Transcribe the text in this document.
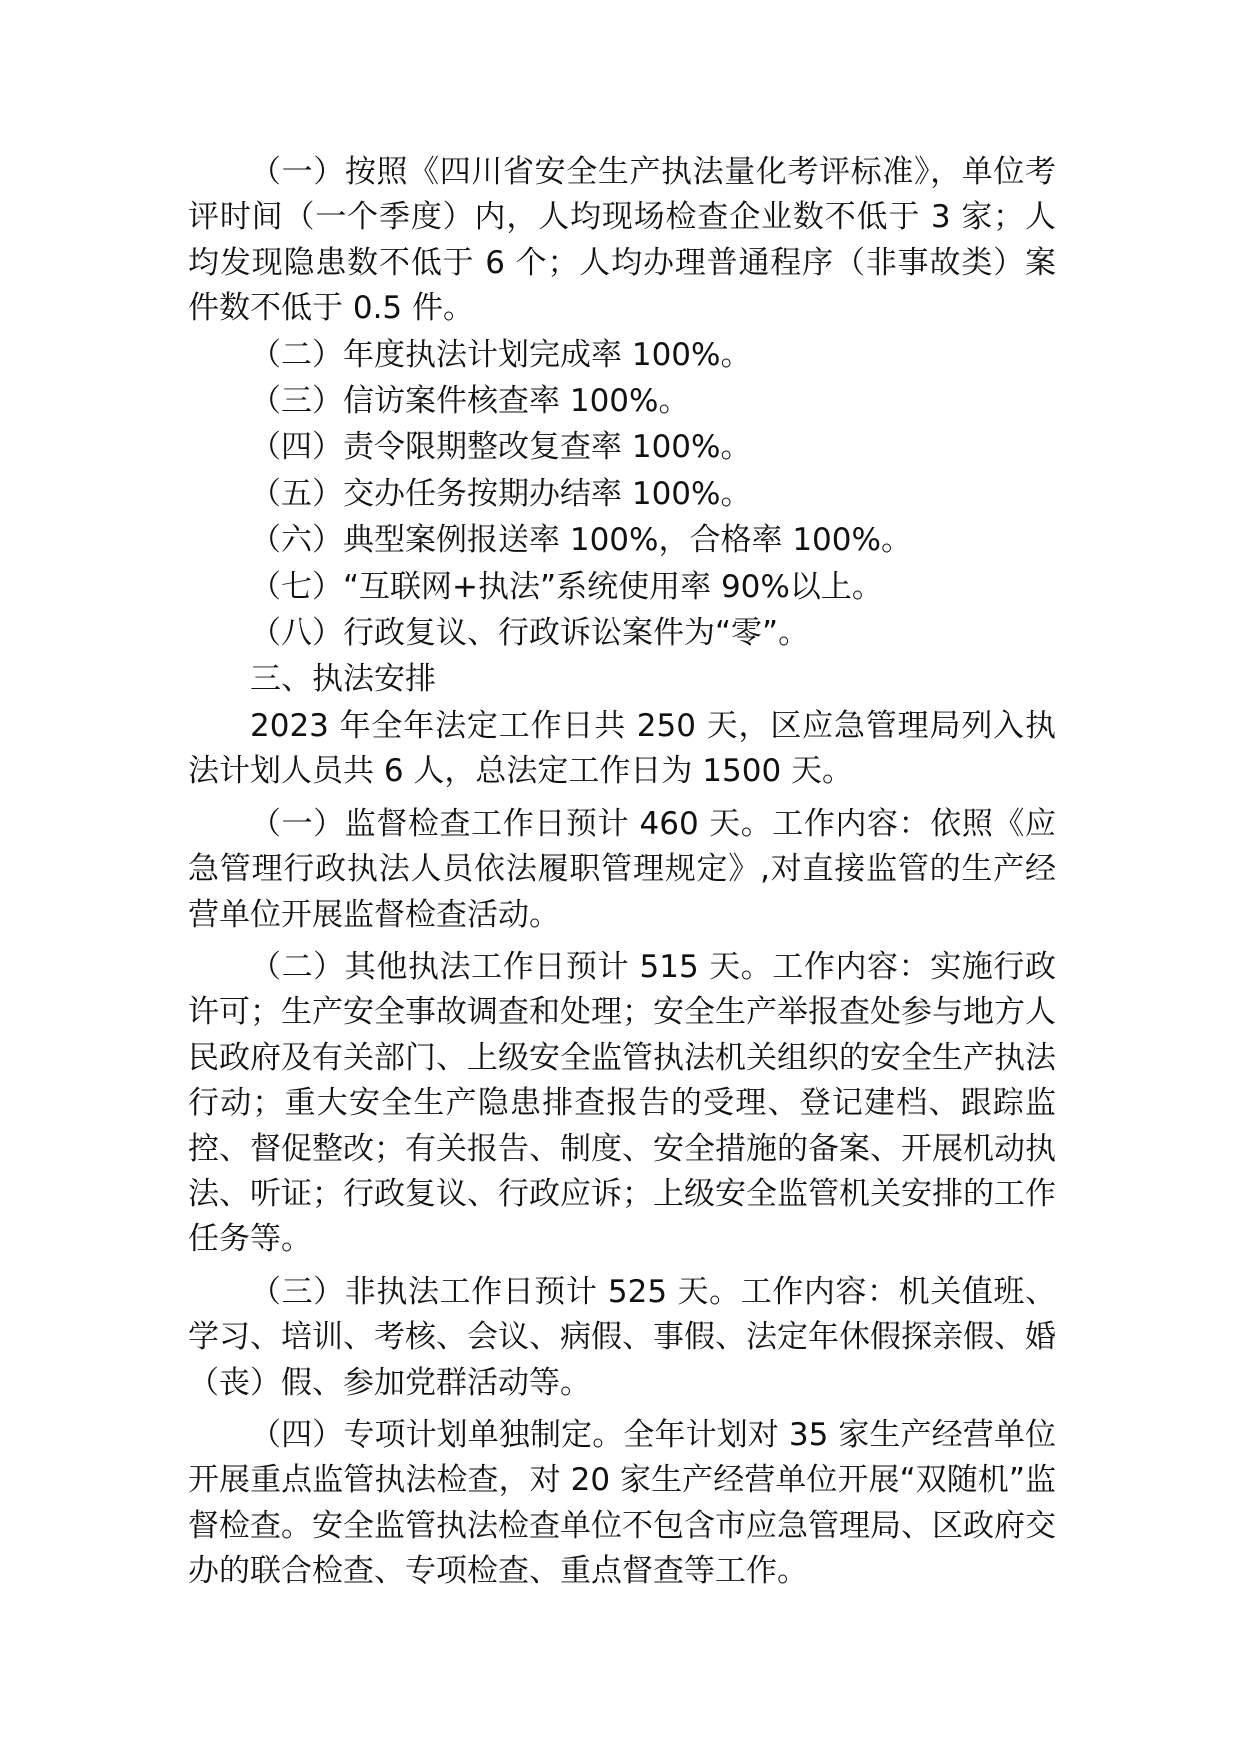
（一）按照《四川省安全生产执法量化考评标准》，单位考评时间（一个季度）内，人均现场检查企业数不低于 3 家；人均发现隐患数不低于 6 个；人均办理普通程序（非事故类）案件数不低于 0.5 件。

（二）年度执法计划完成率 100%。

（三）信访案件核查率 100%。

（四）责令限期整改复查率 100%。

（五）交办任务按期办结率 100%。

（六）典型案例报送率 100%，合格率 100%。

（七）“互联网+执法”系统使用率 90%以上。

（八）行政复议、行政诉讼案件为“零”。

三、执法安排

2023 年全年法定工作日共 250 天，区应急管理局列入执法计划人员共 6 人，总法定工作日为 1500 天。

（一）监督检查工作日预计 460 天。工作内容：依照《应急管理行政执法人员依法履职管理规定》,对直接监管的生产经营单位开展监督检查活动。

（二）其他执法工作日预计 515 天。工作内容：实施行政许可；生产安全事故调查和处理；安全生产举报查处参与地方人民政府及有关部门、上级安全监管执法机关组织的安全生产执法行动；重大安全生产隐患排查报告的受理、登记建档、跟踪监控、督促整改；有关报告、制度、安全措施的备案、开展机动执法、听证；行政复议、行政应诉；上级安全监管机关安排的工作任务等。

（三）非执法工作日预计 525 天。工作内容：机关值班、学习、培训、考核、会议、病假、事假、法定年休假探亲假、婚（丧）假、参加党群活动等。

（四）专项计划单独制定。全年计划对 35 家生产经营单位开展重点监管执法检查，对 20 家生产经营单位开展“双随机”监督检查。安全监管执法检查单位不包含市应急管理局、区政府交办的联合检查、专项检查、重点督查等工作。
